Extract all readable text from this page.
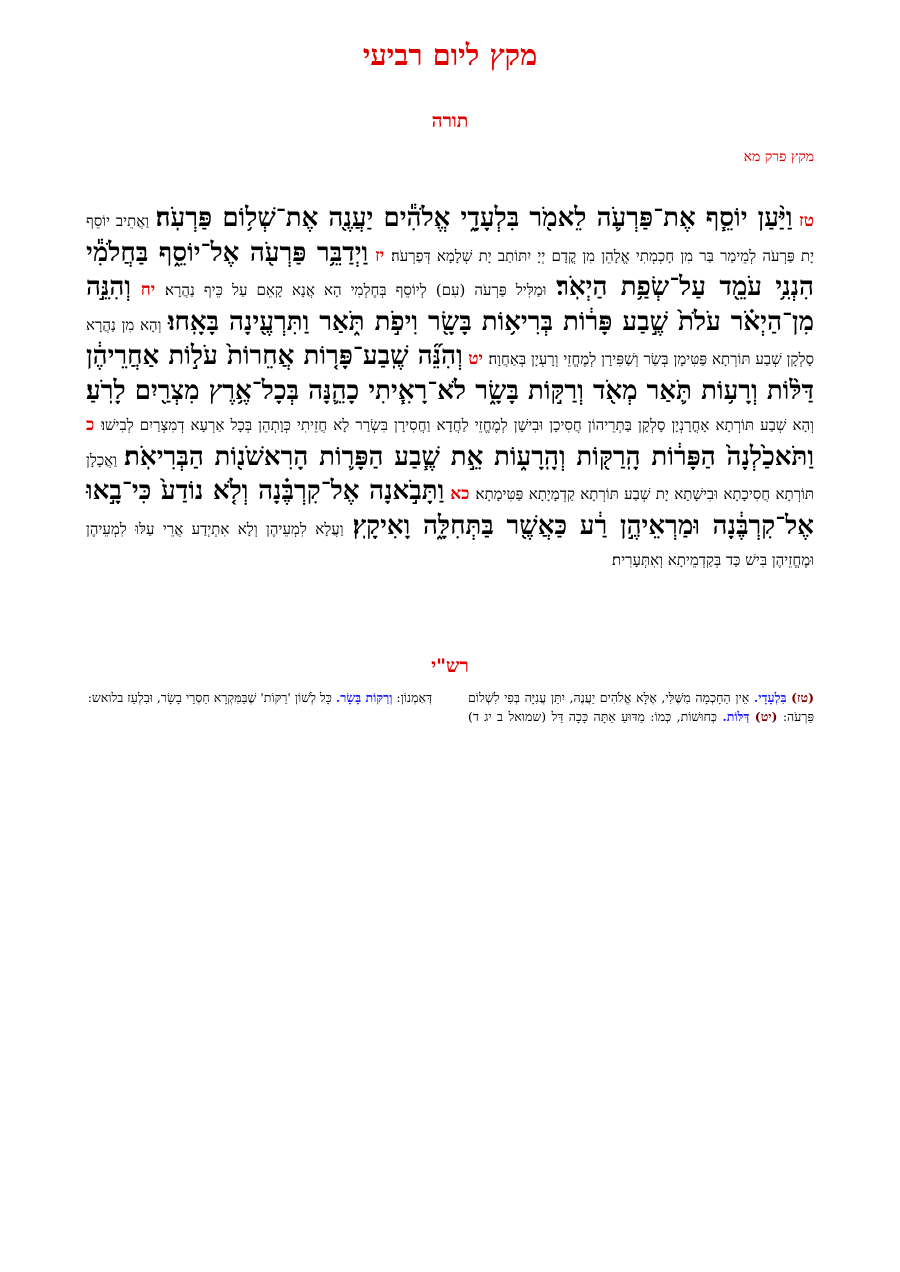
מקץ ליום רביעי
תורה
מקץ פרק מא
טז וַיַּ֨עַן יוֹסֵ֧ף אֶת־פַּרְעֹ֛ה לֵאמֹ֖ר בִּלְעָדָ֑י אֱלֹהִ֕ים יַעֲנֶ֖ה אֶת־שְׁל֥וֹם פַּרְעֹֽה׃ וַאֲתֵיב יוֹסֵף יָת פַּרְעֹה לְמֵימַר בַּר מִן חָכְמְתִי אֱלָהֵן מִן קֳדָם יְיָ יִתּוֹתַב יָת שְׁלָמָא דְּפַרְעֹה׃ יז וַיְדַבֵּ֥ר פַּרְעֹ֖ה אֶל־יוֹסֵ֑ף בַּחֲלֹמִ֕י הִנְנִ֥י עֹמֵ֖ד עַל־שְׂפַ֥ת הַיְאֹֽר׃ וּמַלִּיל פַּרְעֹה (עִם) לְיוֹסֵף בְּחֶלְמִי הָא אֲנָא קָאֵם עַל כֵּיף נַהֲרָא׃ יח וְהִנֵּ֣ה מִן־הַיְאֹ֗ר עֹלֹת֙ שֶׁ֣בַע פָּר֔וֹת בְּרִיא֥וֹת בָּשָׂ֖ר וִיפֹ֣ת תֹּ֑אַר וַתִּרְעֶ֖ינָה בָּאָֽחוּ׃ וְהָא מִן נַהֲרָא סָלְקָן שְׁבַע תּוֹרְתָא פַּטִּימָן בְּשַׂר וְשַׁפִּירָן לְמֶחֱזֵי וְרָעְיָן בְּאַחֲוָה׃ יט וְהִנֵּ֞ה שֶֽׁבַע־פָּר֤וֹת אֲחֵרוֹת֙ עֹל֣וֹת אַחֲרֵיהֶ֔ן דַּלּ֨וֹת וְרָע֥וֹת תֹּ֛אַר מְאֹ֖ד וְרַקּ֣וֹת בָּשָׂ֑ר לֹא־רָאִ֧יתִי כָהֵ֛נָּה בְּכָל־אֶ֥רֶץ מִצְרַ֖יִם לָרֹֽעַ׃ וְהָא שְׁבַע תּוֹרְתָא אָחֳרָנְיָן סָלְקָן בַּתְרֵיהוֹן חֲסִיכָן וּבִישָׁן לְמֶחֱזֵי לַחֲדָא וַחֲסִירָן בִּשְׂרַר לָא חֲזֵיתִי כְּוָתְהֵן בְּכָל אַרְעָא דְמִצְרַיִם לְבִישׁוּ׃ כ וַתֹּאכַ֙לְנָה֙ הַפָּר֔וֹת הָֽרַקּ֖וֹת וְהָֽרָע֑וֹת אֵ֣ת שֶׁ֧בַע הַפָּר֛וֹת הָרִאשֹׁנ֖וֹת הַבְּרִיאֹֽת׃ וַאֲכָלָן תּוֹרְתָא חֲסִיכָתָא וּבִישָׁתָא יָת שְׁבַע תּוֹרְתָא קַדְמָיָתָא פַּטִּימָתָא׃ כא וַתָּבֹ֣אנָה אֶל־קִרְבֶּ֗נָה וְלֹ֤א נוֹדַע֙ כִּי־בָ֣אוּ אֶל־קִרְבֶּ֔נָה וּמַרְאֵיהֶ֣ן רַ֔ע כַּאֲשֶׁ֖ר בַּתְּחִלָּ֑ה וָאִיקָֽץ׃ וַעֲלָא לִמְעֵיהֶן וְלָא אִתְיְדַע אֲרֵי עַלּוּ לִמְעֵיהֶן וּמֶחֱזֵיהֶן בִּישׁ כַּד בְּקַדְמֵיתָא וְאִתְּעָרִית׃
רש"י
(טז) בִּלְעָדָי. אֵין הַחָכְמָה מִשֶּׁלִּי, אֶלָּא אֱלֹהִים יַעֲנֶה, יִתֵּן עֲנִיָּה בְּפִי לִשְׁלוֹם פַּרְעֹה: (יט) דַּלּוֹת. כְּחוּשׁוֹת, כְּמוֹ: מַדּוּעַ אַתָּה כָּכָה דַּל (שמואל ב יג ד) דְּאַמְנוֹן: וְרַקּוֹת בָּשָׂר. כָּל לְשׁוֹן 'רַקּוֹת' שֶׁבַּמִּקְרָא חַסְרֵי בָשָׂר, וּבִלְעַז בלואש:
